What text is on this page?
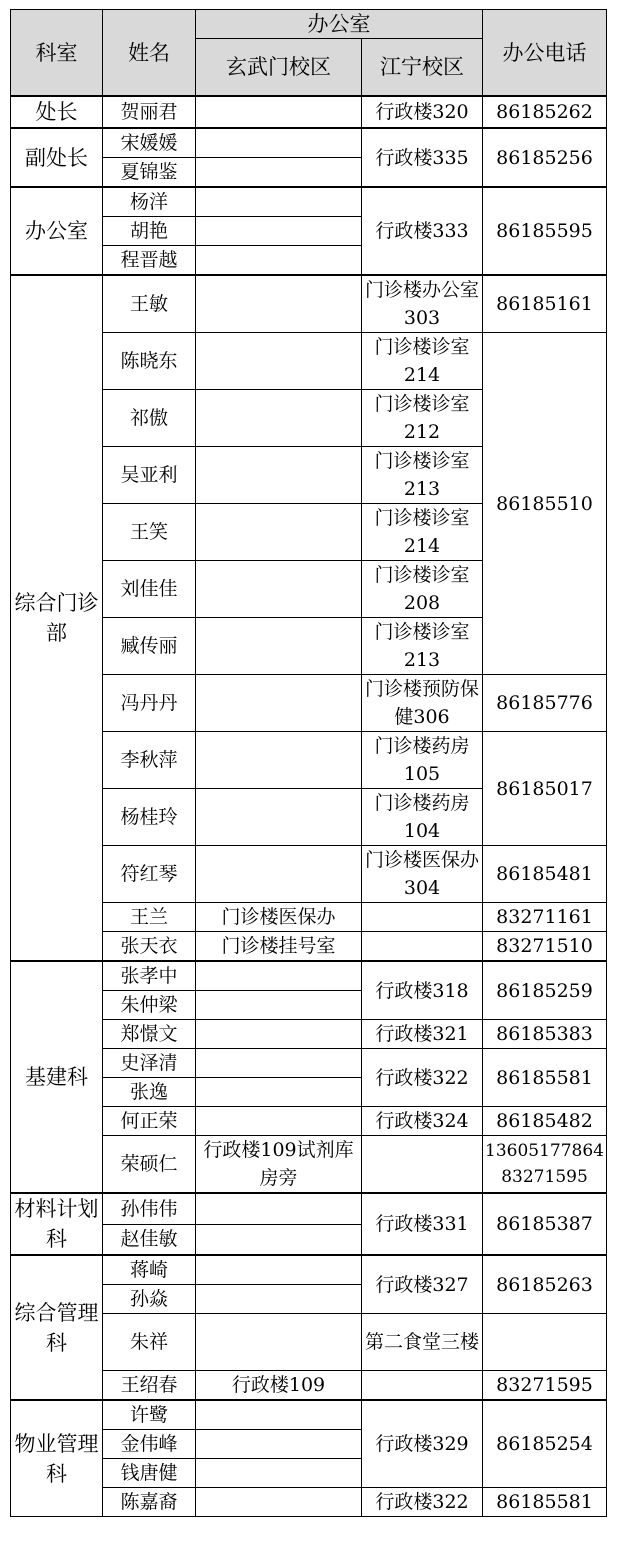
科室	姓名	办公室		办公电话
		玄武门校区	江宁校区	
处长	贺丽君		行政楼320	86185262
副处长	宋媛媛		行政楼335	86185256
	夏锦鉴			
办公室	杨洋		行政楼333	86185595
	胡艳			
	程晋越			
综合门诊部	王敏		门诊楼办公室303	86185161
	陈晓东		门诊楼诊室214	86185510
	祁傲		门诊楼诊室212	
	吴亚利		门诊楼诊室213	
	王笑		门诊楼诊室214	
	刘佳佳		门诊楼诊室208	
	臧传丽		门诊楼诊室213	
	冯丹丹		门诊楼预防保健306	86185776
	李秋萍		门诊楼药房105	86185017
	杨桂玲		门诊楼药房104	
	符红琴		门诊楼医保办304	86185481
	王兰	门诊楼医保办		83271161
	张天衣	门诊楼挂号室		83271510
基建科	张孝中		行政楼318	86185259
	朱仲梁			
	郑憬文		行政楼321	86185383
	史泽清		行政楼322	86185581
	张逸			
	何正荣		行政楼324	86185482
	荣硕仁	行政楼109试剂库房旁		13605177864 83271595
材料计划科	孙伟伟		行政楼331	86185387
	赵佳敏			
综合管理科	蒋崎		行政楼327	86185263
	孙焱			
	朱祥		第二食堂三楼	
	王绍春	行政楼109		83271595
物业管理科	许鹭		行政楼329	86185254
	金伟峰			
	钱唐健			
	陈嘉裔		行政楼322	86185581
